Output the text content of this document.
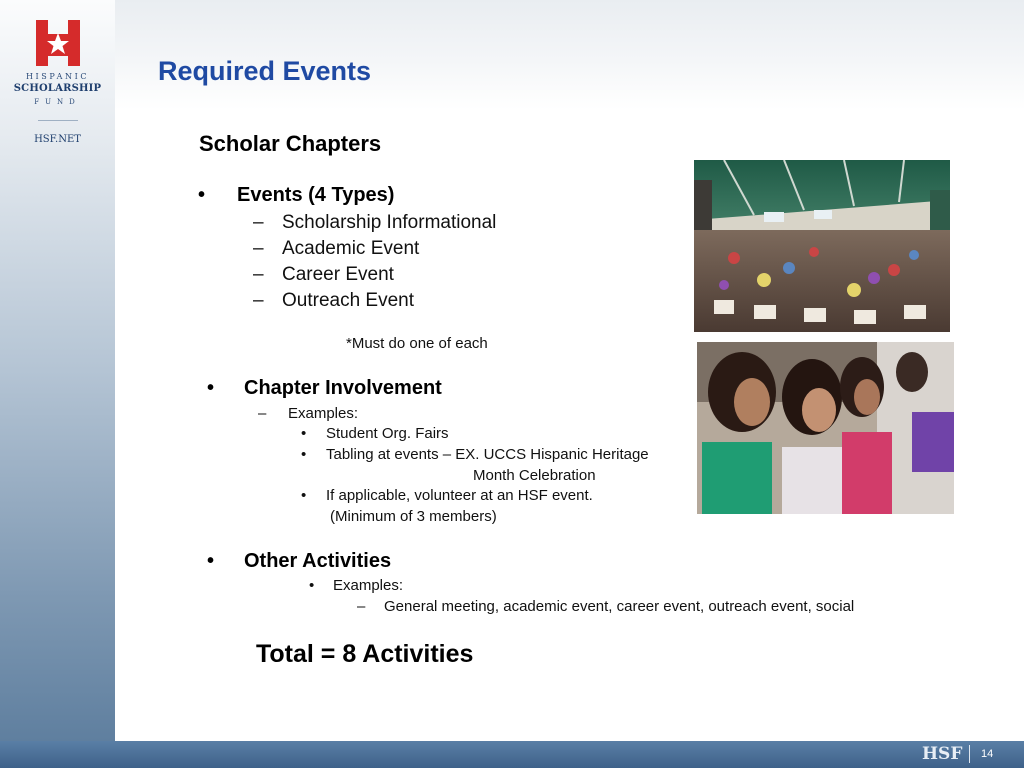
HISPANIC
SCHOLARSHIP
FUND
HSF.NET
Required Events
Scholar Chapters
• Events (4 Types)
– Scholarship Informational
– Academic Event
– Career Event
– Outreach Event
*Must do one of each
• Chapter Involvement
– Examples:
• Student Org. Fairs
• Tabling at events – EX. UCCS Hispanic Heritage
Month Celebration
• If applicable, volunteer at an HSF event.
(Minimum of 3 members)
• Other Activities
• Examples:
– General meeting, academic event, career event, outreach event, social
Total = 8 Activities
HSF 14
